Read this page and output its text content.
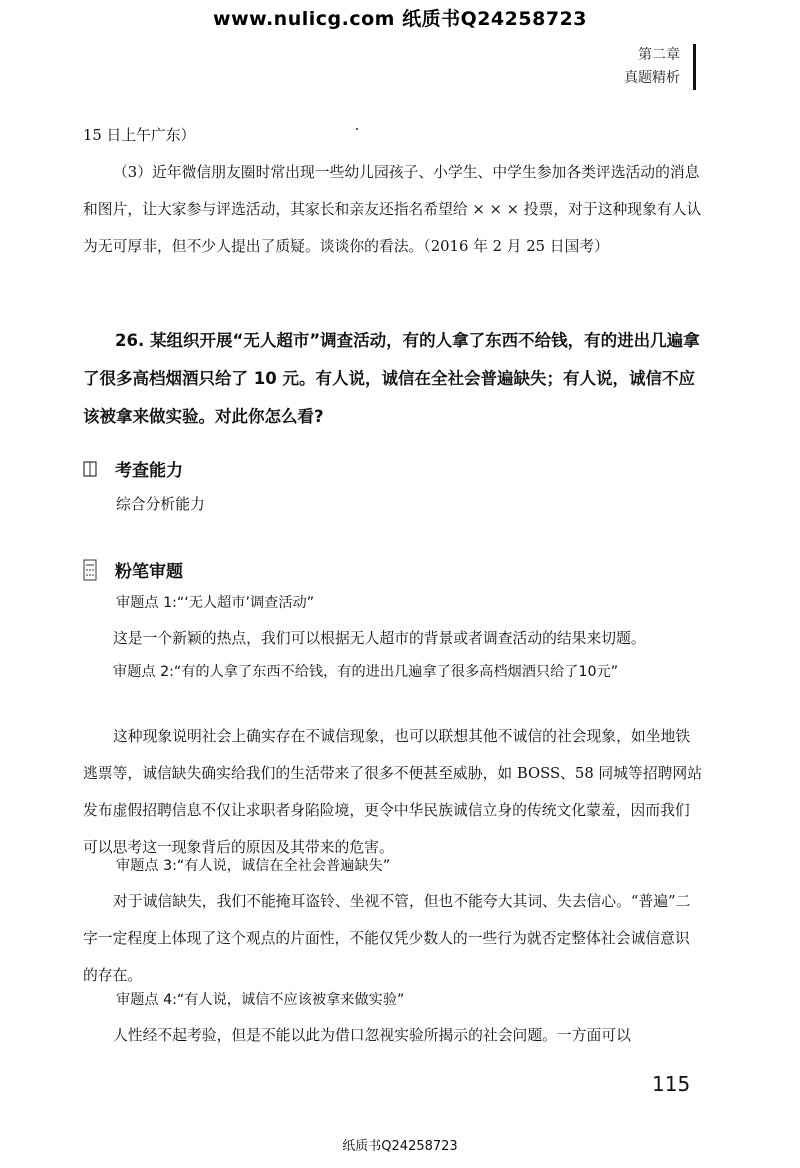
www.nulicg.com 纸质书Q24258723
第二章
真题精析

15 日上午广东）

（3）近年微信朋友圈时常出现一些幼儿园孩子、小学生、中学生参加各类评选活动的消息和图片，让大家参与评选活动，其家长和亲友还指名希望给 × × × 投票，对于这种现象有人认为无可厚非，但不少人提出了质疑。谈谈你的看法。（2016 年 2 月 25 日国考）

26. 某组织开展“无人超市”调查活动，有的人拿了东西不给钱，有的进出几遍拿了很多高档烟酒只给了 10 元。有人说，诚信在全社会普遍缺失；有人说，诚信不应该被拿来做实验。对此你怎么看?

考查能力

综合分析能力

粉笔审题

审题点 1:“‘无人超市’调查活动”

这是一个新颖的热点，我们可以根据无人超市的背景或者调查活动的结果来切题。

审题点 2:“有的人拿了东西不给钱，有的进出几遍拿了很多高档烟酒只给了10元”

这种现象说明社会上确实存在不诚信现象，也可以联想其他不诚信的社会现象，如坐地铁逃票等，诚信缺失确实给我们的生活带来了很多不便甚至威胁，如 BOSS、58 同城等招聘网站发布虚假招聘信息不仅让求职者身陷险境，更令中华民族诚信立身的传统文化蒙羞，因而我们可以思考这一现象背后的原因及其带来的危害。

审题点 3:“有人说，诚信在全社会普遍缺失”

对于诚信缺失，我们不能掩耳盗铃、坐视不管，但也不能夸大其词、失去信心。“普遍”二字一定程度上体现了这个观点的片面性，不能仅凭少数人的一些行为就否定整体社会诚信意识的存在。

审题点 4:“有人说，诚信不应该被拿来做实验”

人性经不起考验，但是不能以此为借口忽视实验所揭示的社会问题。一方面可以

115
纸质书Q24258723
